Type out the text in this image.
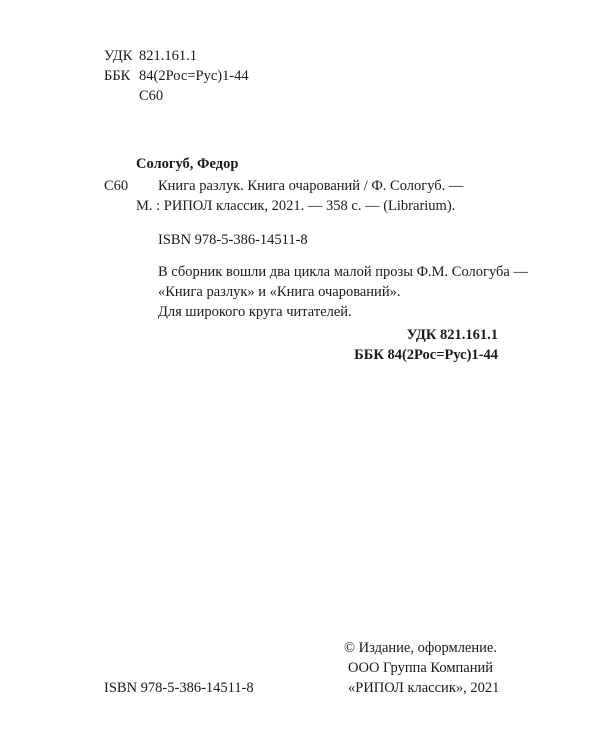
УДК 821.161.1
ББК 84(2Рос=Рус)1-44
С60
Сологуб, Федор
С60 Книга разлук. Книга очарований / Ф. Сологуб. —
М. : РИПОЛ классик, 2021. — 358 с. — (Librarium).
ISBN 978-5-386-14511-8
В сборник вошли два цикла малой прозы Ф.М. Сологуба —
«Книга разлук» и «Книга очарований».
Для широкого круга читателей.
УДК 821.161.1
ББК 84(2Рос=Рус)1-44
© Издание, оформление.
ООО Группа Компаний
«РИПОЛ классик», 2021
ISBN 978-5-386-14511-8
